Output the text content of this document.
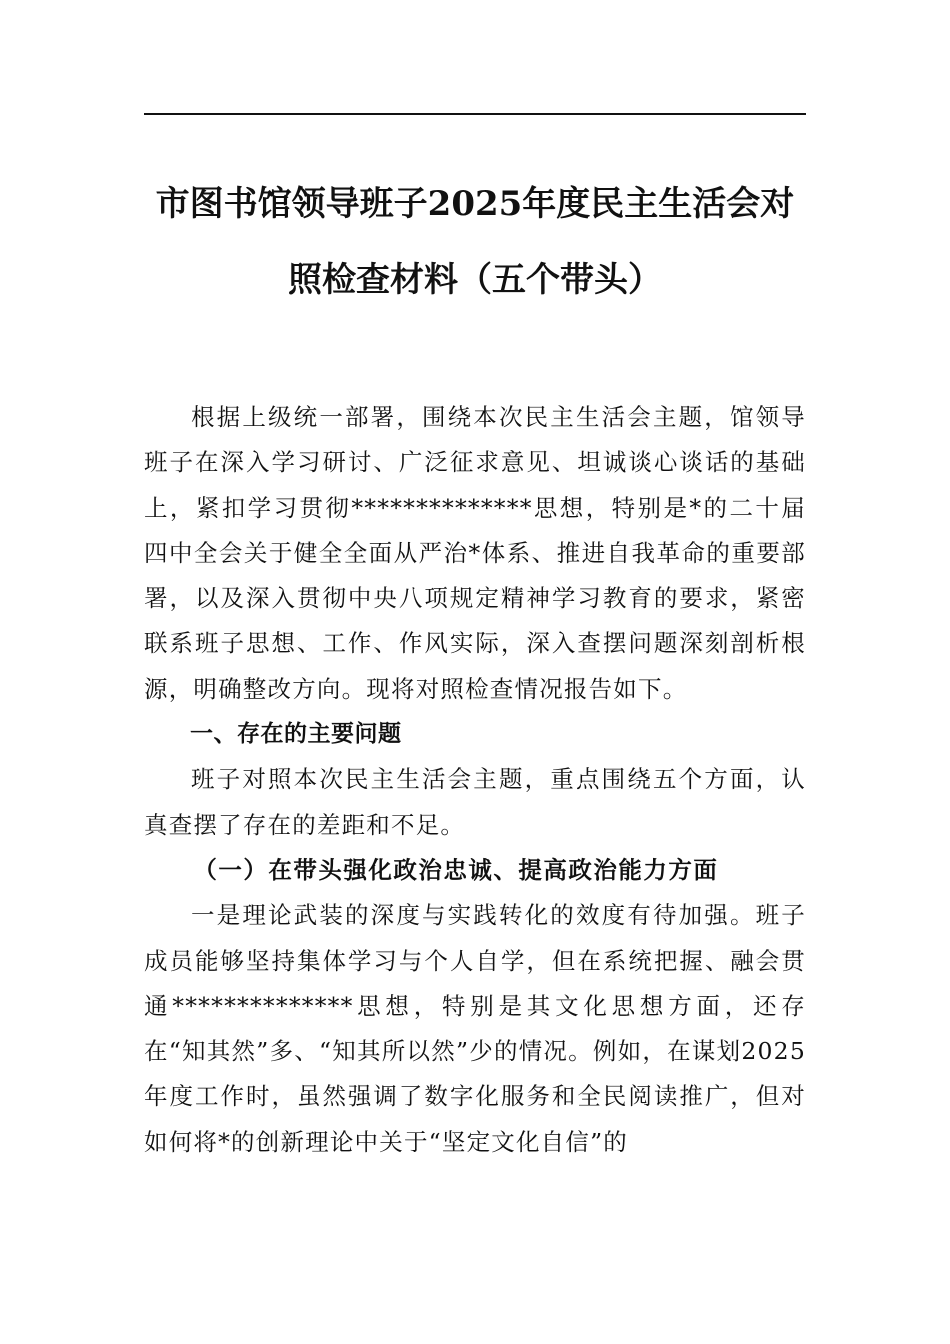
市图书馆领导班子2025年度民主生活会对
照检查材料（五个带头）

根据上级统一部署，围绕本次民主生活会主题，馆领导班子在深入学习研讨、广泛征求意见、坦诚谈心谈话的基础上，紧扣学习贯彻**************思想，特别是*的二十届四中全会关于健全全面从严治*体系、推进自我革命的重要部署，以及深入贯彻中央八项规定精神学习教育的要求，紧密联系班子思想、工作、作风实际，深入查摆问题深刻剖析根源，明确整改方向。现将对照检查情况报告如下。

一、存在的主要问题

班子对照本次民主生活会主题，重点围绕五个方面，认真查摆了存在的差距和不足。

（一）在带头强化政治忠诚、提高政治能力方面

一是理论武装的深度与实践转化的效度有待加强。班子成员能够坚持集体学习与个人自学，但在系统把握、融会贯通**************思想，特别是其文化思想方面，还存在“知其然”多、“知其所以然”少的情况。例如，在谋划2025年度工作时，虽然强调了数字化服务和全民阅读推广，但对如何将*的创新理论中关于“坚定文化自信”的
